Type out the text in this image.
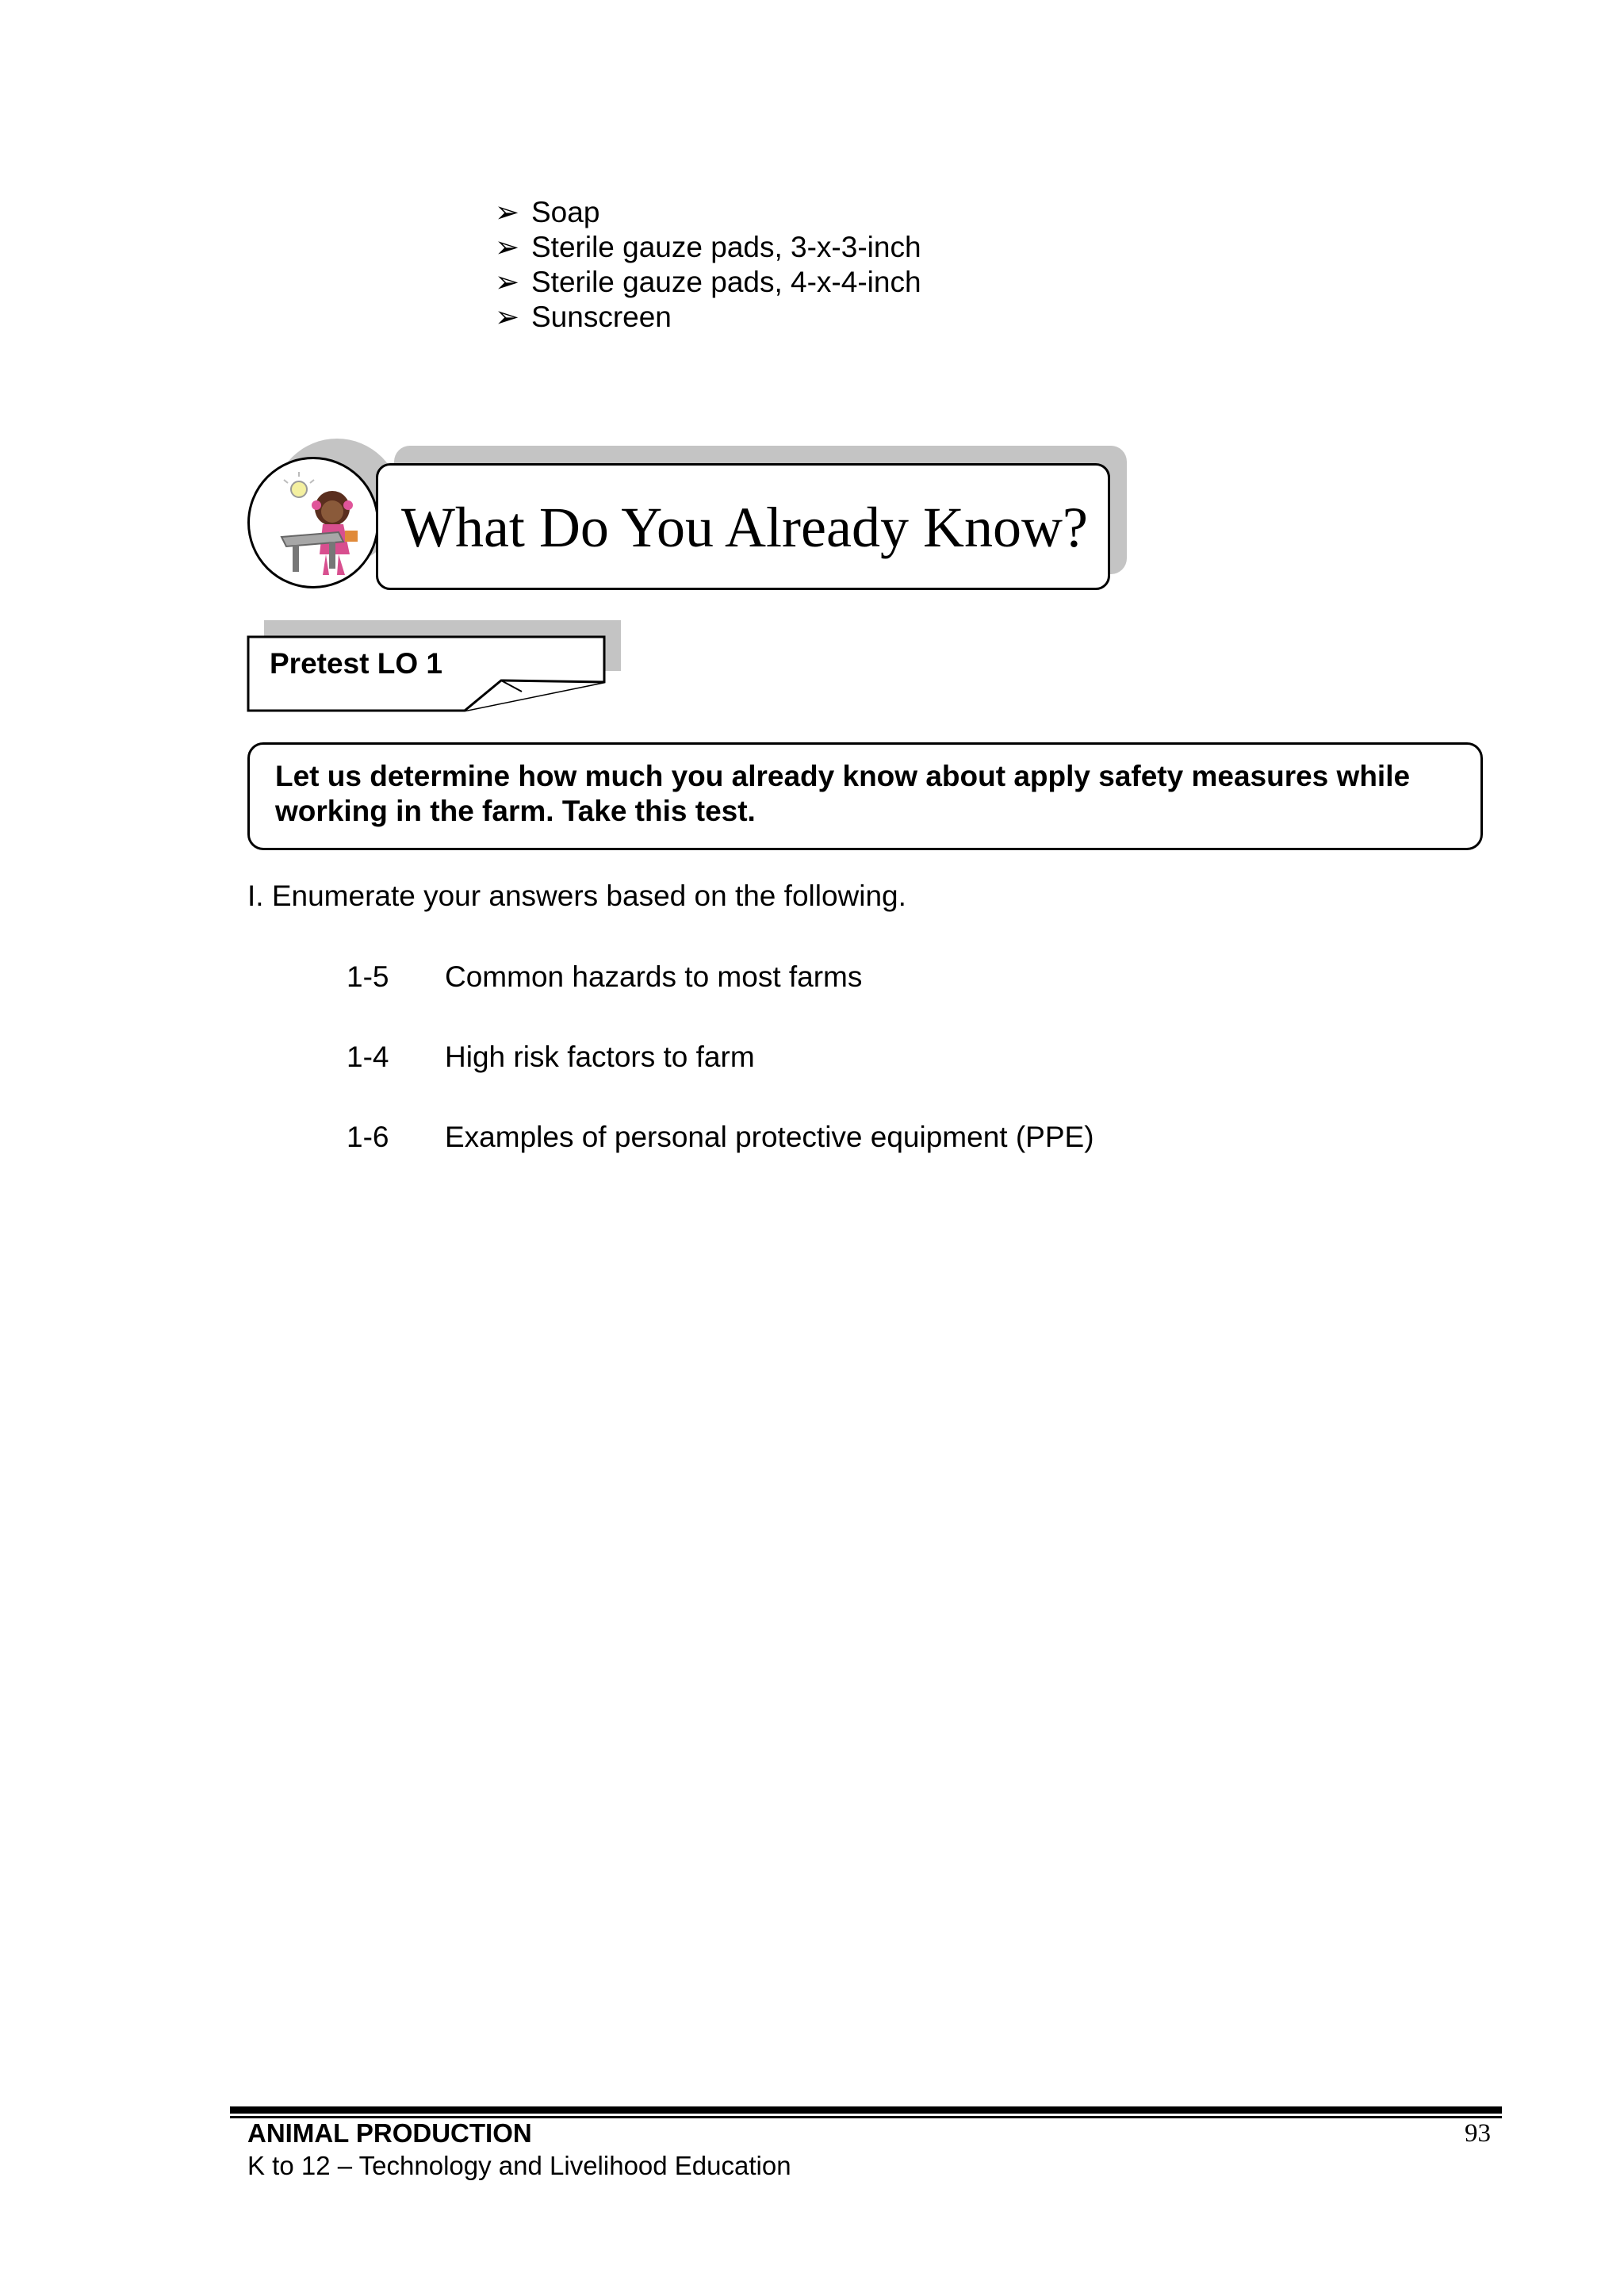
➢ Soap
➢ Sterile gauze pads, 3-x-3-inch
➢ Sterile gauze pads, 4-x-4-inch
➢ Sunscreen
What Do You Already Know?
Pretest LO 1
Let us determine how much you already know about apply safety measures while working in the farm. Take this test.
I. Enumerate your answers based on the following.
1-5	Common hazards to most farms
1-4	High risk factors to farm
1-6	Examples of personal protective equipment (PPE)
ANIMAL PRODUCTION
K to 12 – Technology and Livelihood Education
93
